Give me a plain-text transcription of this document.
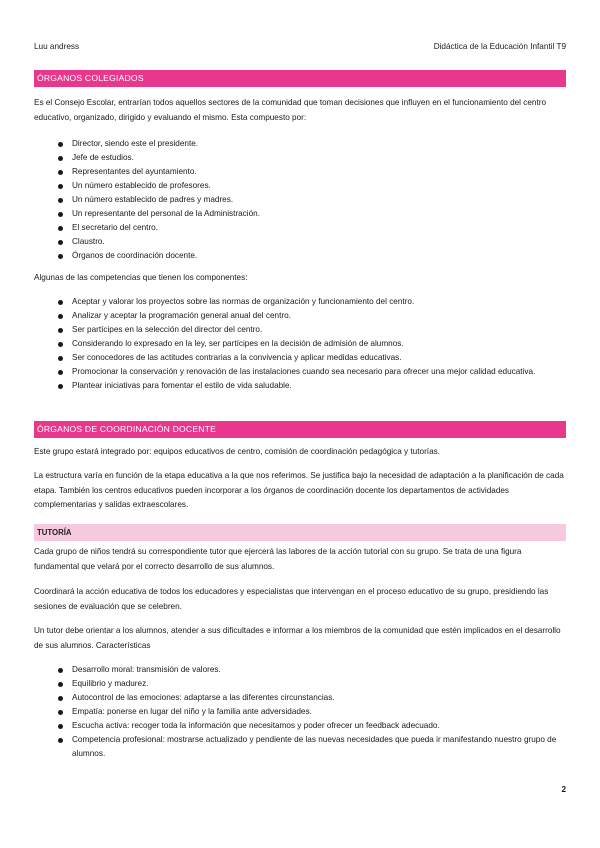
Luu andress	Didáctica de la Educación Infantil T9
ÓRGANOS COLEGIADOS
Es el Consejo Escolar, entrarían todos aquellos sectores de la comunidad que toman decisiones que influyen en el funcionamiento del centro educativo, organizado, dirigido y evaluando el mismo. Esta compuesto por:
Director, siendo este el presidente.
Jefe de estudios.
Representantes del ayuntamiento.
Un número establecido de profesores.
Un número establecido de padres y madres.
Un representante del personal de la Administración.
El secretario del centro.
Claustro.
Órganos de coordinación docente.
Algunas de las competencias que tienen los componentes:
Aceptar y valorar los proyectos sobre las normas de organización y funcionamiento del centro.
Analizar y aceptar la programación general anual del centro.
Ser partícipes en la selección del director del centro.
Considerando lo expresado en la ley, ser partícipes en la decisión de admisión de alumnos.
Ser conocedores de las actitudes contrarias a la convivencia y aplicar medidas educativas.
Promocionar la conservación y renovación de las instalaciones cuando sea necesario para ofrecer una mejor calidad educativa.
Plantear iniciativas para fomentar el estilo de vida saludable.
ÓRGANOS DE COORDINACIÓN DOCENTE
Este grupo estará integrado por: equipos educativos de centro, comisión de coordinación pedagógica y tutorías.
La estructura varía en función de la etapa educativa a la que nos referimos. Se justifica bajo la necesidad de adaptación a la planificación de cada etapa. También los centros educativos pueden incorporar a los órganos de coordinación docente los departamentos de actividades complementarias y salidas extraescolares.
TUTORÍA
Cada grupo de niños tendrá su correspondiente tutor que ejercerá las labores de la acción tutorial con su grupo. Se trata de una figura fundamental que velará por el correcto desarrollo de sus alumnos.
Coordinará la acción educativa de todos los educadores y especialistas que intervengan en el proceso educativo de su grupo, presidiendo las sesiones de evaluación que se celebren.
Un tutor debe orientar a los alumnos, atender a sus dificultades e informar a los miembros de la comunidad que estén implicados en el desarrollo de sus alumnos. Características
Desarrollo moral: transmisión de valores.
Equilibrio y madurez.
Autocontrol de las emociones: adaptarse a las diferentes circunstancias.
Empatía: ponerse en lugar del niño y la familia ante adversidades.
Escucha activa: recoger toda la información que necesitamos y poder ofrecer un feedback adecuado.
Competencia profesional: mostrarse actualizado y pendiente de las nuevas necesidades que pueda ir manifestando nuestro grupo de alumnos.
2
